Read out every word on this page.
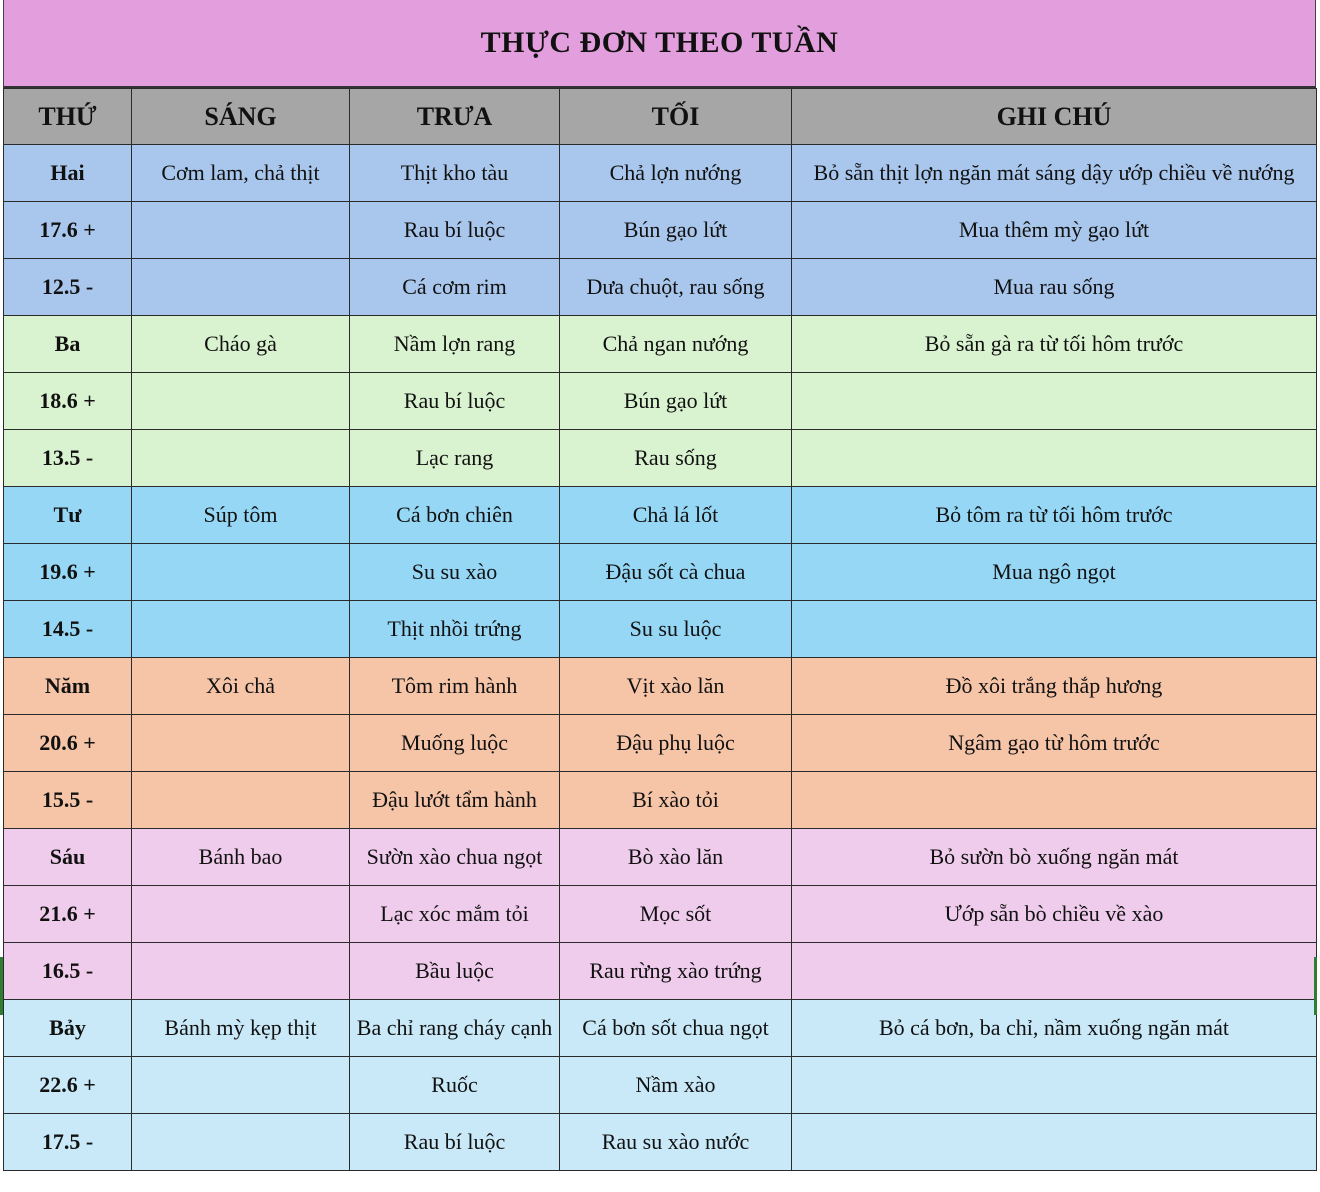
THỰC ĐƠN THEO TUẦN
THỨ	SÁNG	TRƯA	TỐI	GHI CHÚ
Hai	Cơm lam, chả thịt	Thịt kho tàu	Chả lợn nướng	Bỏ sẵn thịt lợn ngăn mát sáng dậy ướp chiều về nướng
17.6 +		Rau bí luộc	Bún gạo lứt	Mua thêm mỳ gạo lứt
12.5 -		Cá cơm rim	Dưa chuột, rau sống	Mua rau sống
Ba	Cháo gà	Nầm lợn rang	Chả ngan nướng	Bỏ sẵn gà ra từ tối hôm trước
18.6 +		Rau bí luộc	Bún gạo lứt	
13.5 -		Lạc rang	Rau sống	
Tư	Súp tôm	Cá bơn chiên	Chả lá lốt	Bỏ tôm ra từ tối hôm trước
19.6 +		Su su xào	Đậu sốt cà chua	Mua ngô ngọt
14.5 -		Thịt nhồi trứng	Su su luộc	
Năm	Xôi chả	Tôm rim hành	Vịt xào lăn	Đồ xôi trắng thắp hương
20.6 +		Muống luộc	Đậu phụ luộc	Ngâm gạo từ hôm trước
15.5 -		Đậu lướt tẩm hành	Bí xào tỏi	
Sáu	Bánh bao	Sườn xào chua ngọt	Bò xào lăn	Bỏ sườn bò xuống ngăn mát
21.6 +		Lạc xóc mắm tỏi	Mọc sốt	Ướp sẵn bò chiều về xào
16.5 -		Bầu luộc	Rau rừng xào trứng	
Bảy	Bánh mỳ kẹp thịt	Ba chỉ rang cháy cạnh	Cá bơn sốt chua ngọt	Bỏ cá bơn, ba chỉ, nầm xuống ngăn mát
22.6 +		Ruốc	Nầm xào	
17.5 -		Rau bí luộc	Rau su xào nước	
